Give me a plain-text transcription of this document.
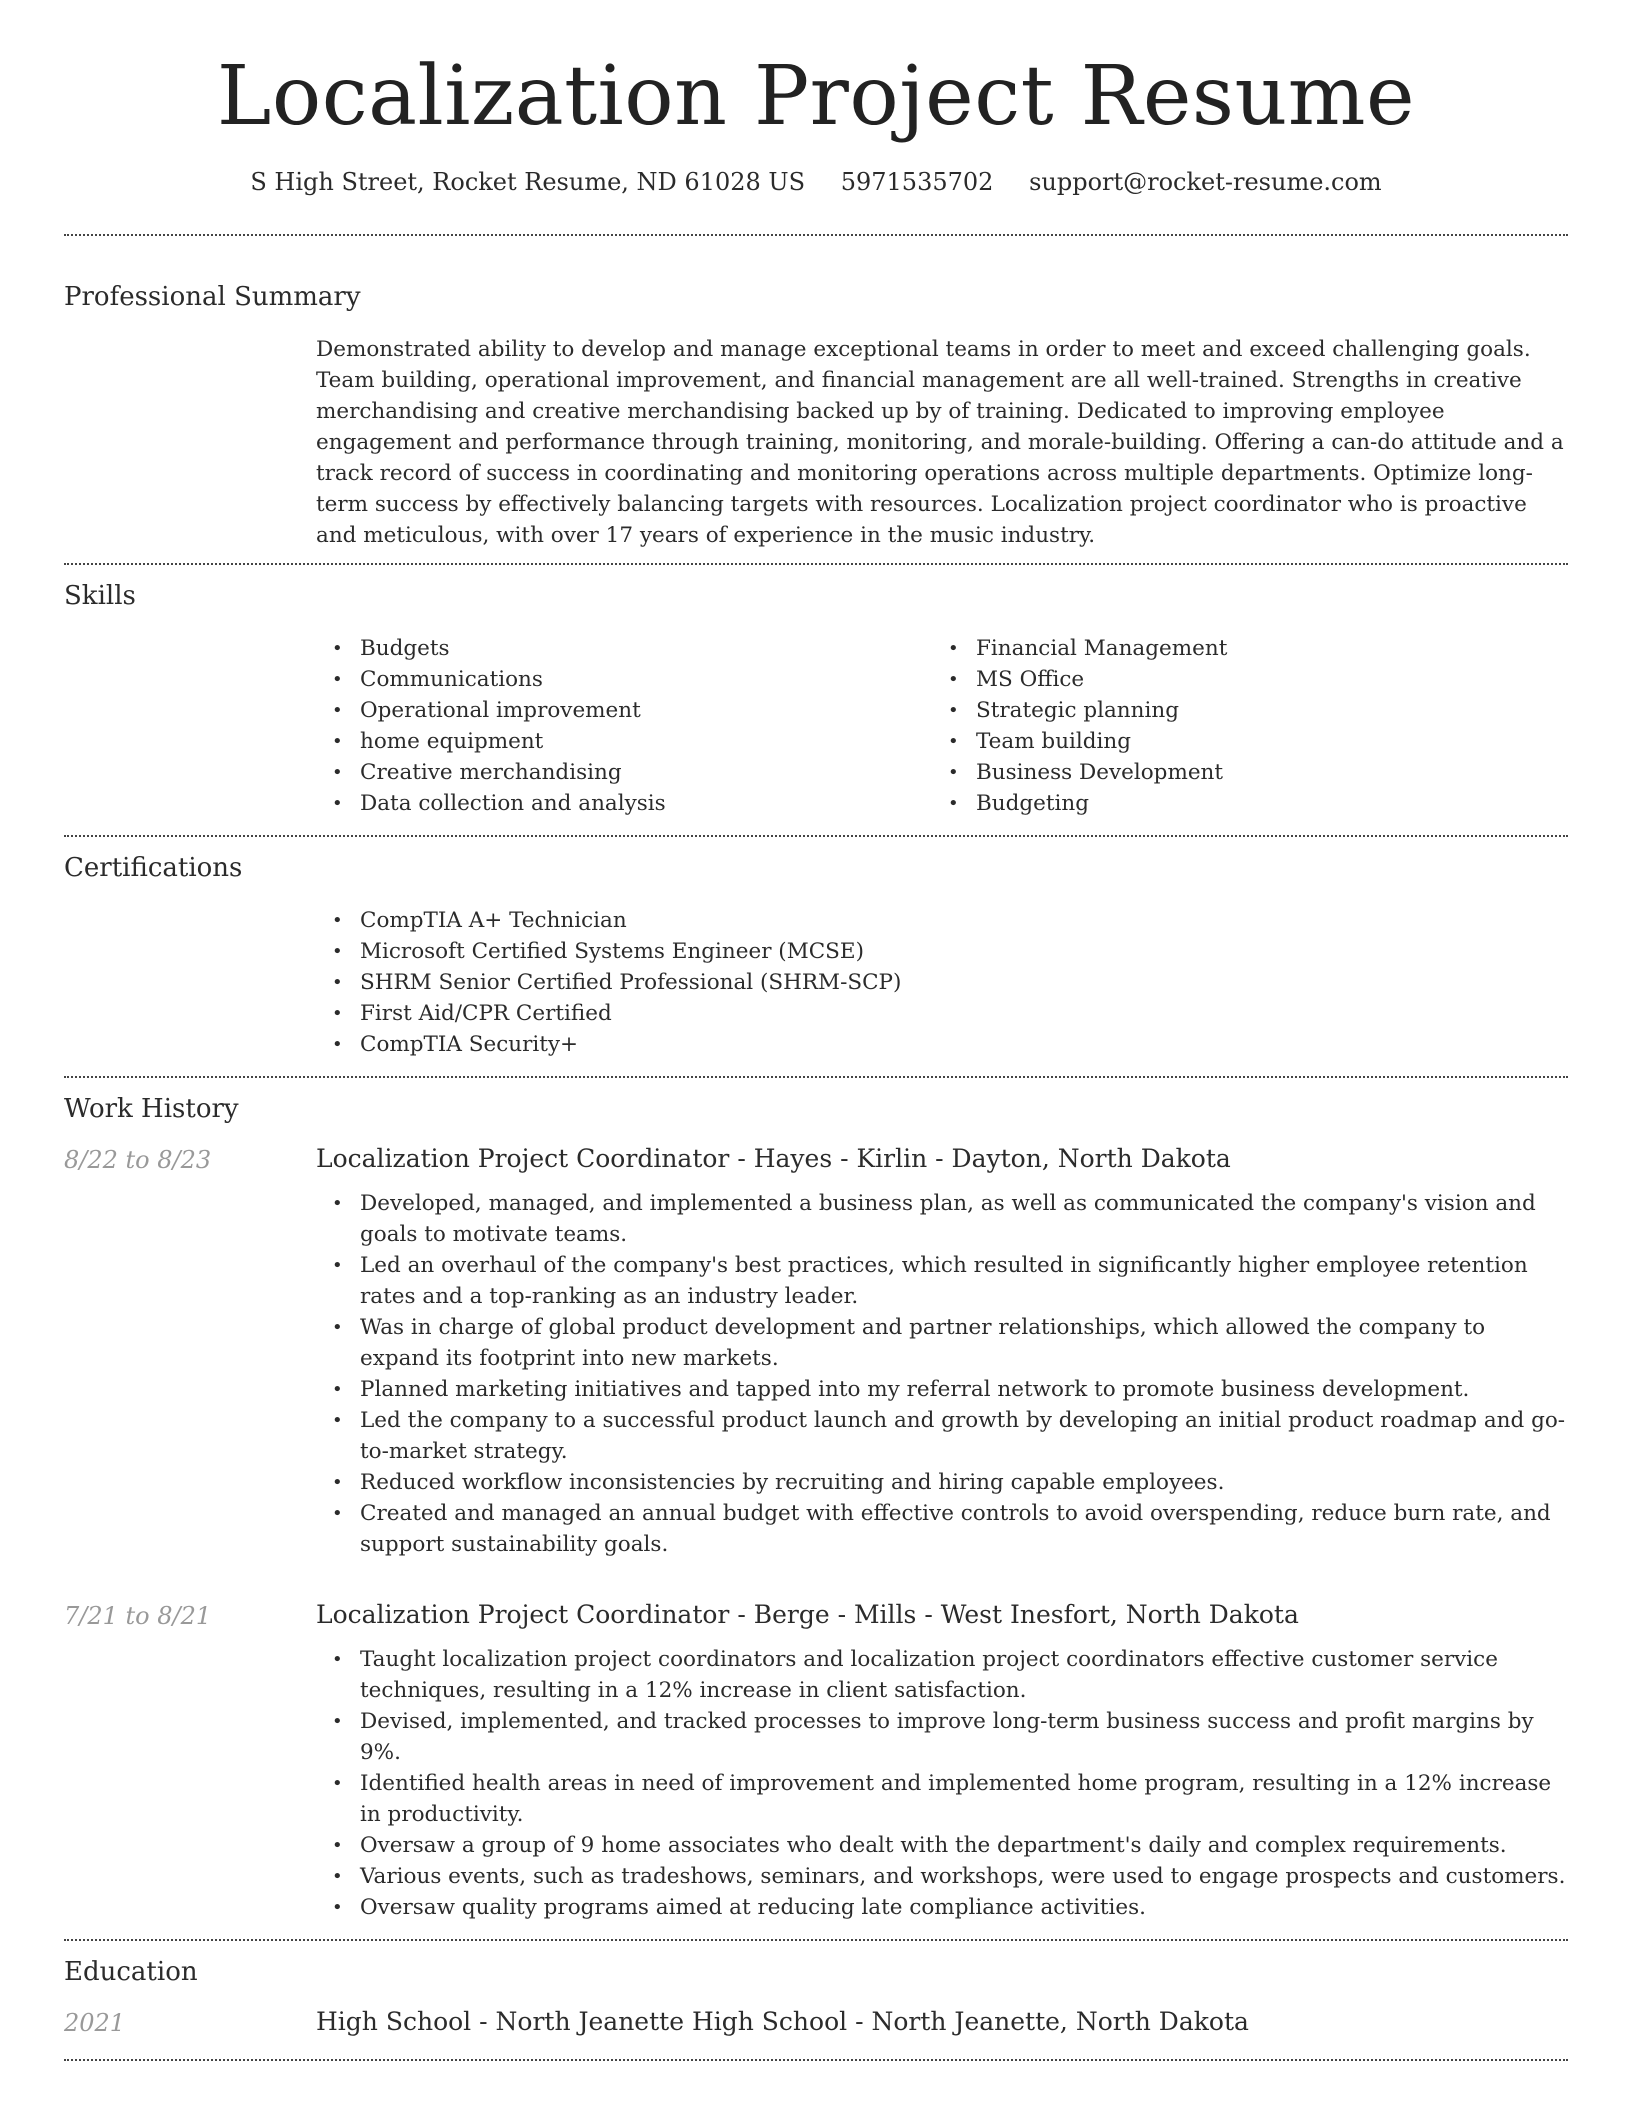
Localization Project Resume
S High Street, Rocket Resume, ND 61028 US 5971535702 support@rocket-resume.com
Professional Summary

Demonstrated ability to develop and manage exceptional teams in order to meet and exceed challenging goals. Team building, operational improvement, and financial management are all well-trained. Strengths in creative merchandising and creative merchandising backed up by of training. Dedicated to improving employee engagement and performance through training, monitoring, and morale-building. Offering a can-do attitude and a track record of success in coordinating and monitoring operations across multiple departments. Optimize long-term success by effectively balancing targets with resources. Localization project coordinator who is proactive and meticulous, with over 17 years of experience in the music industry.

Skills
• Budgets
• Communications
• Operational improvement
• home equipment
• Creative merchandising
• Data collection and analysis
• Financial Management
• MS Office
• Strategic planning
• Team building
• Business Development
• Budgeting
Certifications
• CompTIA A+ Technician
• Microsoft Certified Systems Engineer (MCSE)
• SHRM Senior Certified Professional (SHRM-SCP)
• First Aid/CPR Certified
• CompTIA Security+
Work History
8/22 to 8/23	Localization Project Coordinator - Hayes - Kirlin - Dayton, North Dakota
• Developed, managed, and implemented a business plan, as well as communicated the company's vision and goals to motivate teams.
• Led an overhaul of the company's best practices, which resulted in significantly higher employee retention rates and a top-ranking as an industry leader.
• Was in charge of global product development and partner relationships, which allowed the company to expand its footprint into new markets.
• Planned marketing initiatives and tapped into my referral network to promote business development.
• Led the company to a successful product launch and growth by developing an initial product roadmap and go-to-market strategy.
• Reduced workflow inconsistencies by recruiting and hiring capable employees.
• Created and managed an annual budget with effective controls to avoid overspending, reduce burn rate, and support sustainability goals.
7/21 to 8/21	Localization Project Coordinator - Berge - Mills - West Inesfort, North Dakota
• Taught localization project coordinators and localization project coordinators effective customer service techniques, resulting in a 12% increase in client satisfaction.
• Devised, implemented, and tracked processes to improve long-term business success and profit margins by 9%.
• Identified health areas in need of improvement and implemented home program, resulting in a 12% increase in productivity.
• Oversaw a group of 9 home associates who dealt with the department's daily and complex requirements.
• Various events, such as tradeshows, seminars, and workshops, were used to engage prospects and customers.
• Oversaw quality programs aimed at reducing late compliance activities.
Education
2021	High School - North Jeanette High School - North Jeanette, North Dakota
